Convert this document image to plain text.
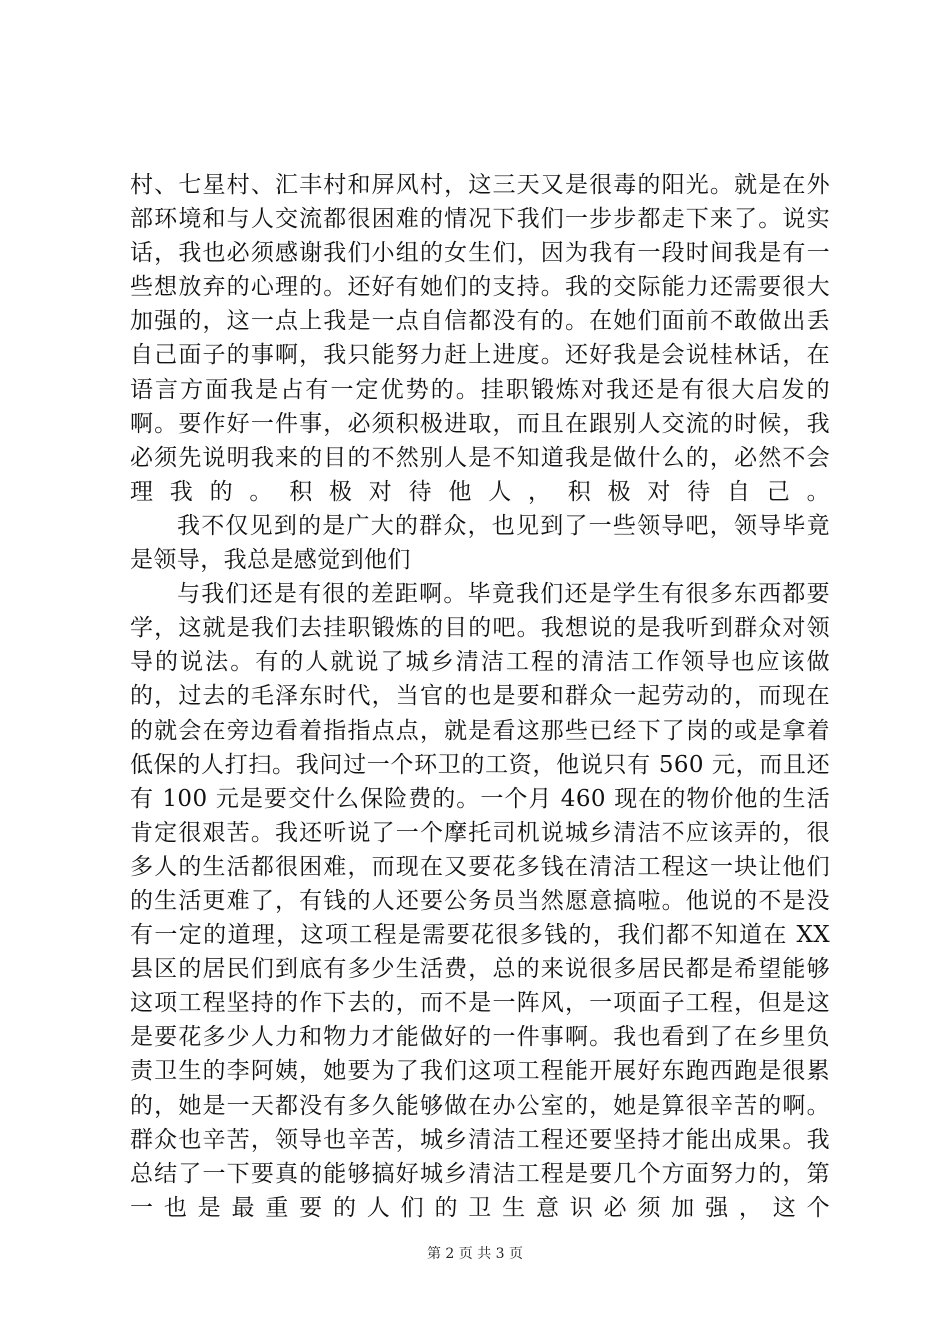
村、七星村、汇丰村和屏风村，这三天又是很毒的阳光。就是在外部环境和与人交流都很困难的情况下我们一步步都走下来了。说实话，我也必须感谢我们小组的女生们，因为我有一段时间我是有一些想放弃的心理的。还好有她们的支持。我的交际能力还需要很大加强的，这一点上我是一点自信都没有的。在她们面前不敢做出丢自己面子的事啊，我只能努力赶上进度。还好我是会说桂林话，在语言方面我是占有一定优势的。挂职锻炼对我还是有很大启发的啊。要作好一件事，必须积极进取，而且在跟别人交流的时候，我必须先说明我来的目的不然别人是不知道我是做什么的，必然不会理我的。积极对待他人，积极对待自己。

我不仅见到的是广大的群众，也见到了一些领导吧，领导毕竟是领导，我总是感觉到他们

与我们还是有很的差距啊。毕竟我们还是学生有很多东西都要学，这就是我们去挂职锻炼的目的吧。我想说的是我听到群众对领导的说法。有的人就说了城乡清洁工程的清洁工作领导也应该做的，过去的毛泽东时代，当官的也是要和群众一起劳动的，而现在的就会在旁边看着指指点点，就是看这那些已经下了岗的或是拿着低保的人打扫。我问过一个环卫的工资，他说只有 560 元，而且还有 100 元是要交什么保险费的。一个月 460 现在的物价他的生活肯定很艰苦。我还听说了一个摩托司机说城乡清洁不应该弄的，很多人的生活都很困难，而现在又要花多钱在清洁工程这一块让他们的生活更难了，有钱的人还要公务员当然愿意搞啦。他说的不是没有一定的道理，这项工程是需要花很多钱的，我们都不知道在 XX 县区的居民们到底有多少生活费，总的来说很多居民都是希望能够这项工程坚持的作下去的，而不是一阵风，一项面子工程，但是这是要花多少人力和物力才能做好的一件事啊。我也看到了在乡里负责卫生的李阿姨，她要为了我们这项工程能开展好东跑西跑是很累的，她是一天都没有多久能够做在办公室的，她是算很辛苦的啊。群众也辛苦，领导也辛苦，城乡清洁工程还要坚持才能出成果。我总结了一下要真的能够搞好城乡清洁工程是要几个方面努力的，第一也是最重要的人们的卫生意识必须加强，这个

第 2 页 共 3 页
